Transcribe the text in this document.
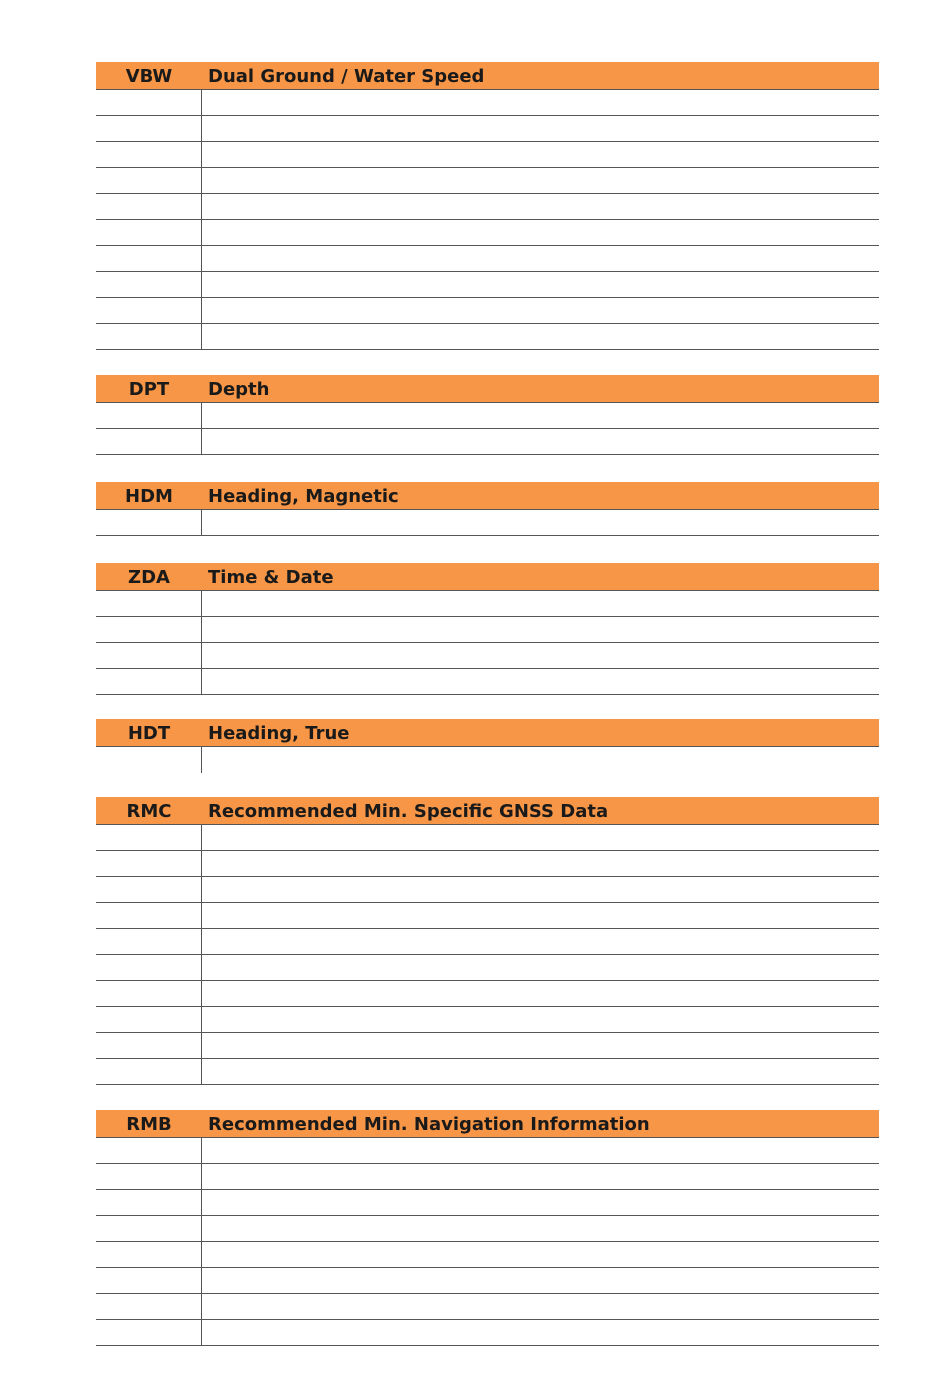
VBW	Dual Ground / Water Speed
DPT	Depth
HDM	Heading, Magnetic
ZDA	Time & Date
HDT	Heading, True
RMC	Recommended Min. Specific GNSS Data
RMB	Recommended Min. Navigation Information
